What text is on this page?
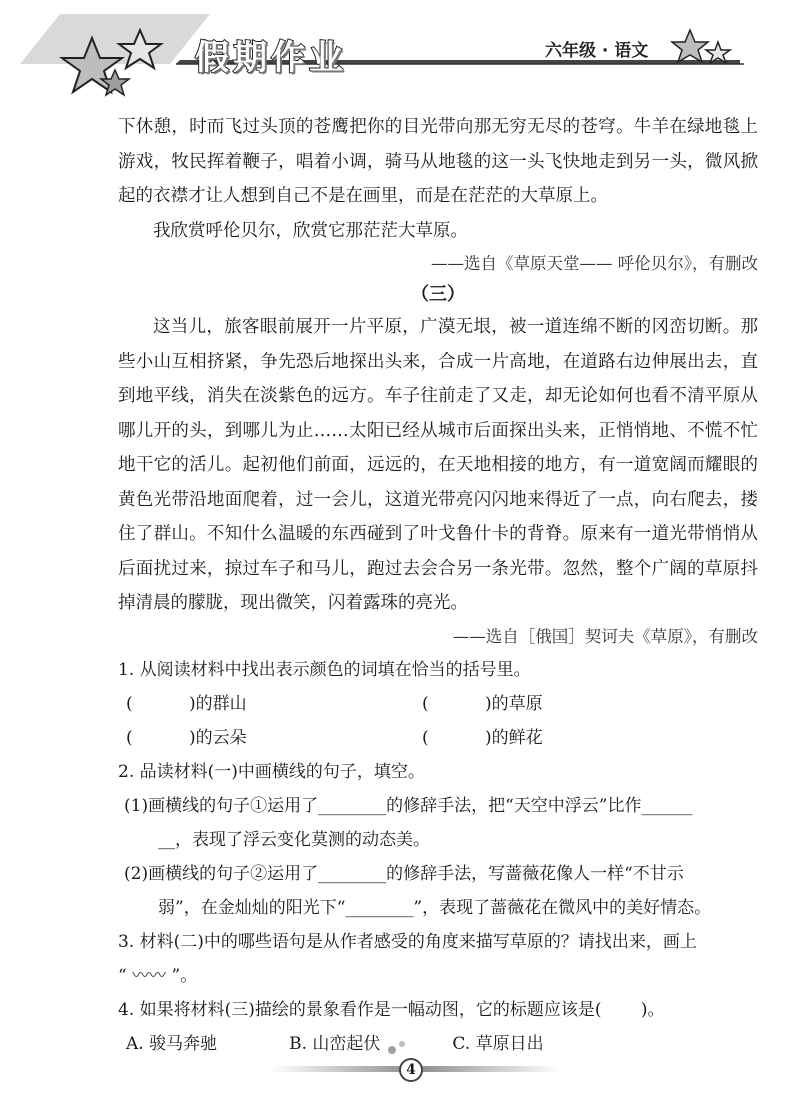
假期作业	六年级 · 语文

下休憩，时而飞过头顶的苍鹰把你的目光带向那无穷无尽的苍穹。牛羊在绿地毯上游戏，牧民挥着鞭子，唱着小调，骑马从地毯的这一头飞快地走到另一头，微风掀起的衣襟才让人想到自己不是在画里，而是在茫茫的大草原上。

我欣赏呼伦贝尔，欣赏它那茫茫大草原。

——选自《草原天堂—— 呼伦贝尔》，有删改

（三）

这当儿，旅客眼前展开一片平原，广漠无垠，被一道连绵不断的冈峦切断。那些小山互相挤紧，争先恐后地探出头来，合成一片高地，在道路右边伸展出去，直到地平线，消失在淡紫色的远方。车子往前走了又走，却无论如何也看不清平原从哪儿开的头，到哪儿为止……太阳已经从城市后面探出头来，正悄悄地、不慌不忙地干它的活儿。起初他们前面，远远的，在天地相接的地方，有一道宽阔而耀眼的黄色光带沿地面爬着，过一会儿，这道光带亮闪闪地来得近了一点，向右爬去，搂住了群山。不知什么温暖的东西碰到了叶戈鲁什卡的背脊。原来有一道光带悄悄从后面扰过来，掠过车子和马儿，跑过去会合另一条光带。忽然，整个广阔的草原抖掉清晨的朦胧，现出微笑，闪着露珠的亮光。

——选自［俄国］契诃夫《草原》，有删改

1. 从阅读材料中找出表示颜色的词填在恰当的括号里。

(　　　 )的群山	(　　　 )的草原
(　　　 )的云朵	(　　　 )的鲜花

2. 品读材料(一)中画横线的句子，填空。

(1)画横线的句子①运用了________的修辞手法，把“天空中浮云”比作______

__，表现了浮云变化莫测的动态美。

(2)画横线的句子②运用了________的修辞手法，写蔷薇花像人一样“不甘示

弱”，在金灿灿的阳光下“________”，表现了蔷薇花在微风中的美好情态。

3. 材料(二)中的哪些语句是从作者感受的角度来描写草原的？请找出来，画上

“ 〰〰 ”。

4. 如果将材料(三)描绘的景象看作是一幅动图，它的标题应该是(　　 )。

A. 骏马奔驰	B. 山峦起伏	C. 草原日出
4
